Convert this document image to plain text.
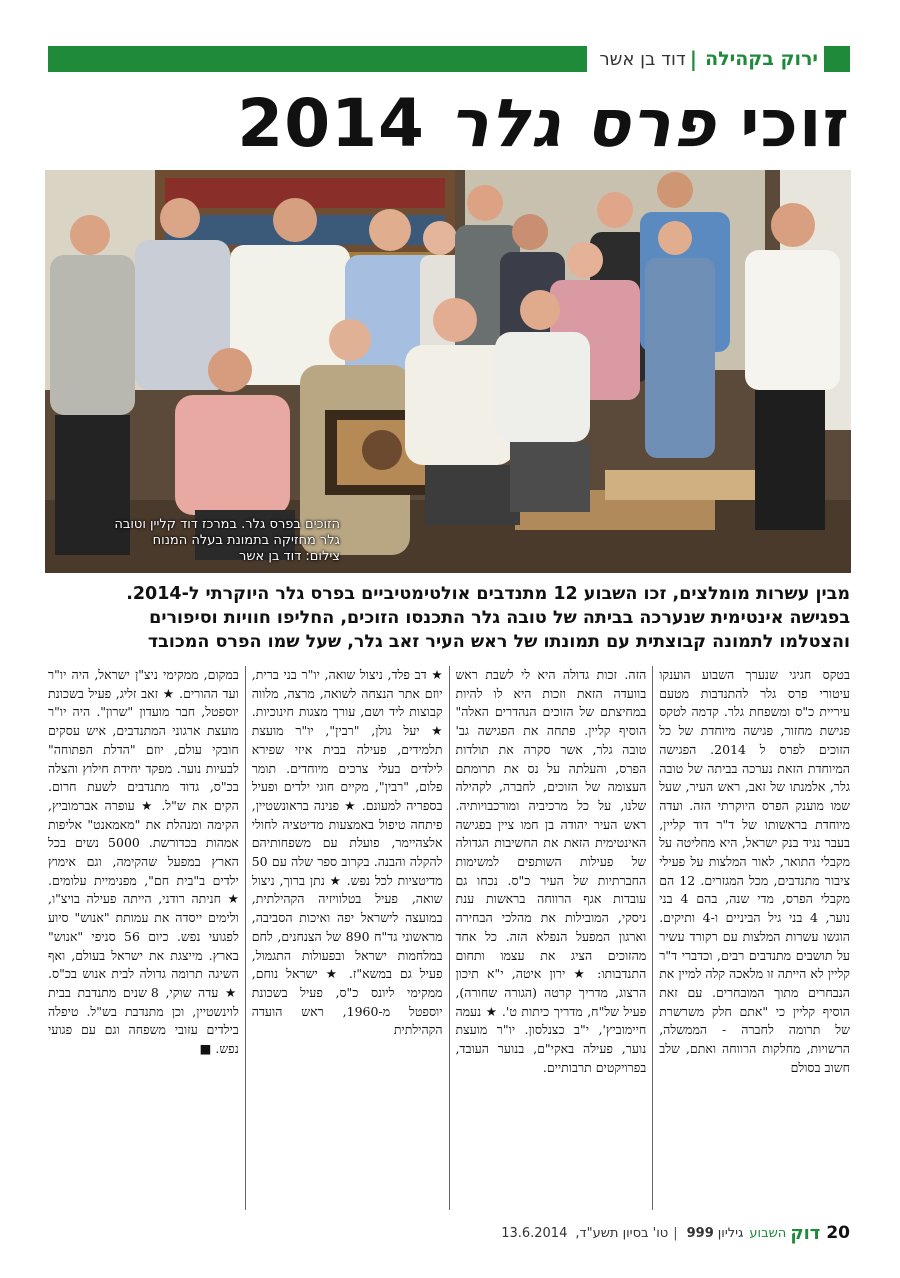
ירוק בקהילה
|
דוד בן אשר
זוכי פרס גלר 2014
הזוכים בפרס גלר. במרכז דוד קליין וטובה
גלר מחזיקה בתמונת בעלה המנוח
צילום: דוד בן אשר
מבין עשרות מומלצים, זכו השבוע 12 מתנדבים אולטימטיביים בפרס גלר היוקרתי ל-2014.
בפגישה אינטימית שנערכה בביתה של טובה גלר התכנסו הזוכים, החליפו חוויות וסיפורים
והצטלמו לתמונה קבוצתית עם תמונתו של ראש העיר זאב גלר, שעל שמו הפרס המכובד

בטקס חגיגי שנערך השבוע הוענקו עיטורי פרס גלר להתנדבות מטעם עיריית כ"ס ומשפחת גלר. קדמה לטקס פגישת מחזור, פגישה מיוחדת של כל הזוכים לפרס ל 2014. הפגישה המיוחדת הזאת נערכה בביתה של טובה גלר, אלמנתו של זאב, ראש העיר, שעל שמו מוענק הפרס היוקרתי הזה. ועדה מיוחדת בראשותו של ד"ר דוד קליין, בעבר נגיד בנק ישראל, היא מחליטה על מקבלי התואר, לאור המלצות על פעילי ציבור מתנדבים, מכל המגזרים. 12 הם מקבלי הפרס, מדי שנה, בהם 4 בני נוער, 4 בני גיל הביניים ו-4 ותיקים. הוגשו עשרות המלצות עם רקורד עשיר על תושבים מתנדבים רבים, וכדברי ד"ר קליין לא הייתה זו מלאכה קלה למיין את הנבחרים מתוך המובחרים. עם זאת הוסיף קליין כי "אתם חלק משרשרת של תרומה לחברה - הממשלה, הרשויות, מחלקות הרווחה ואתם, שלב חשוב בסולם

הזה. זכות גדולה היא לי לשבת ראש בוועדה הזאת וזכות היא לו להיות במחיצתם של הזוכים הנהדרים האלה" הוסיף קליין. פתחה את הפגישה גב' טובה גלר, אשר סקרה את תולדות הפרס, והעלתה על נס את תרומתם העצומה של הזוכים, לחברה, לקהילה שלנו, על כל מרכיביה ומורכבויותיה. ראש העיר יהודה בן חמו ציין בפגישה האינטימית הזאת את החשיבות הגדולה של פעילות השותפים למשימות החברתיות של העיר כ"ס. נכחו גם עובדות אגף הרווחה בראשות ענת ניסקי, המובילות את מהלכי הבחירה וארגון המפעל הנפלא הזה. כל אחד מהזוכים הציג את עצמו ותחום התנדבותו: ★ ירון איטה, י"א תיכון הרצוג, מדריך קרטה (הגורה שחורה), פעיל של"ח, מדריך כיתות ט'. ★ נעמה חיימוביץ', י"ב כצנלסון. יו"ר מועצת נוער, פעילה באקי"ם, בנוער העובד, בפרויקטים תרבותיים.

★ דב פלד, ניצול שואה, יו"ר בני ברית, יוזם אתר הנצחה לשואה, מרצה, מלווה קבוצות ליד ושם, עורך מצגות חינוכיות. ★ יעל גולן, "רבין", יו"ר מועצת תלמידים, פעילה בבית איזי שפירא לילדים בעלי צרכים מיוחדים. תומר פלום, "רבין", מקיים חוגי ילדים ופעיל בספריה למעונם. ★ פנינה בראונשטיין, פיתחה טיפול באמצעות מדיטציה לחולי אלצהיימר, פועלת עם משפחותיהם להקלה והבנה. בקרוב ספר שלה עם 50 מדיטציות לכל נפש. ★ נתן ברוך, ניצול שואה, פעיל בטלוויזיה הקהילתית, במועצה לישראל יפה ואיכות הסביבה, מראשוני גד"ח 890 של הצנחנים, לחם במלחמות ישראל ובפעולות התגמול, פעיל גם במשא"ז. ★ ישראל נוחם, ממקימי ליונס כ"ס, פעיל בשכונת יוספטל מ-1960, ראש הועדה הקהילתית

במקום, ממקימי ניצ"ן ישראל, היה יו"ר ועד ההורים. ★ זאב זליג, פעיל בשכונת יוספטל, חבר מועדון "שרון". היה יו"ר מועצת ארגוני המתנדבים, איש עסקים חובקי עולם, יוזם "הדלת הפתוחה" לבעיות נוער. מפקד יחידת חילוץ והצלה בכ"ס, גדוד מתנדבים לשעת חרום. הקים את ש"ל. ★ עופרה אברמוביץ, הקימה ומנהלת את "מאמאנט" אליפות אמהות בכדורשת. 5000 נשים בכל הארץ במפעל שהקימה, וגם אימוץ ילדים ב"בית חם", מפנימיית עלומים. ★ חניתה רודני, הייתה פעילה בויצ"ו, ולימים ייסדה את עמותת "אנוש" סיוע לפגועי נפש. כיום 56 סניפי "אנוש" בארץ. מייצגת את ישראל בעולם, ואף השיגה תרומה גדולה לבית אנוש בכ"ס. ★ עדה שוקי, 8 שנים מתנדבת בבית לוינשטיין, וכן מתנדבת בש"ל. טיפלה בילדים עזובי משפחה וגם עם פגועי נפש. ■

20
דוק
השבוע
גיליון
999
|
טו' בסיון תשע"ד,
13.6.2014
